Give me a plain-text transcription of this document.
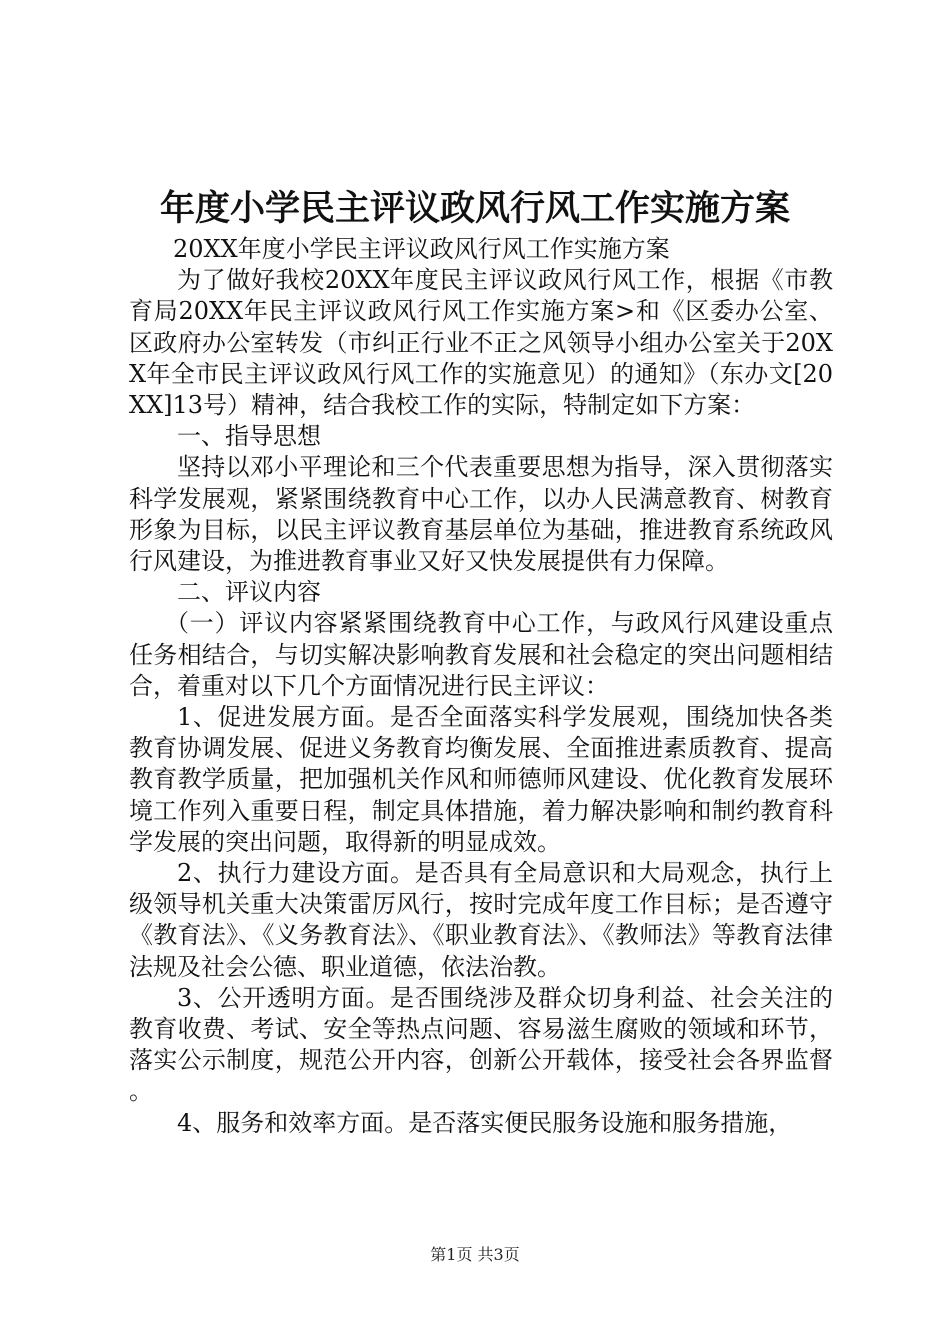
年度小学民主评议政风行风工作实施方案

20XX年度小学民主评议政风行风工作实施方案

为了做好我校20XX年度民主评议政风行风工作，根据《市教育局20XX年民主评议政风行风工作实施方案>和《区委办公室、区政府办公室转发（市纠正行业不正之风领导小组办公室关于20XX年全市民主评议政风行风工作的实施意见）的通知》（东办文[20XX]13号）精神，结合我校工作的实际，特制定如下方案：

一、指导思想

坚持以邓小平理论和三个代表重要思想为指导，深入贯彻落实科学发展观，紧紧围绕教育中心工作，以办人民满意教育、树教育形象为目标，以民主评议教育基层单位为基础，推进教育系统政风行风建设，为推进教育事业又好又快发展提供有力保障。

二、评议内容

（一）评议内容紧紧围绕教育中心工作，与政风行风建设重点任务相结合，与切实解决影响教育发展和社会稳定的突出问题相结合，着重对以下几个方面情况进行民主评议：

1、促进发展方面。是否全面落实科学发展观，围绕加快各类教育协调发展、促进义务教育均衡发展、全面推进素质教育、提高教育教学质量，把加强机关作风和师德师风建设、优化教育发展环境工作列入重要日程，制定具体措施，着力解决影响和制约教育科学发展的突出问题，取得新的明显成效。

2、执行力建设方面。是否具有全局意识和大局观念，执行上级领导机关重大决策雷厉风行，按时完成年度工作目标；是否遵守《教育法》、《义务教育法》、《职业教育法》、《教师法》等教育法律法规及社会公德、职业道德，依法治教。

3、公开透明方面。是否围绕涉及群众切身利益、社会关注的教育收费、考试、安全等热点问题、容易滋生腐败的领域和环节，落实公示制度，规范公开内容，创新公开载体，接受社会各界监督。

4、服务和效率方面。是否落实便民服务设施和服务措施，

第1页 共3页
